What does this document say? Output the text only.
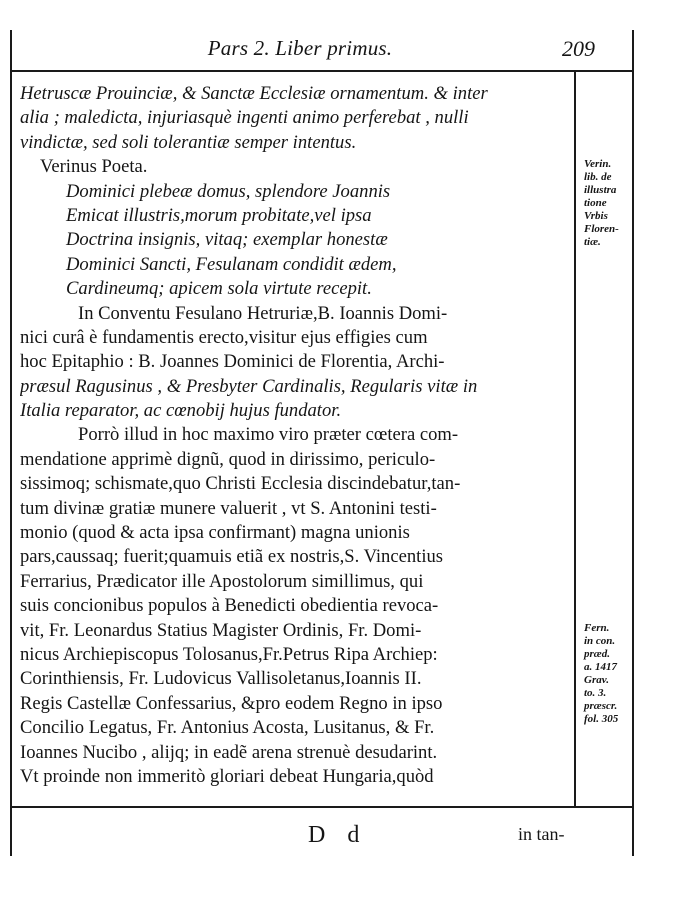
Pars 2. Liber primus.	209
Hetruscæ Prouinciæ, & Sanctæ Ecclesiæ ornamentum. & inter
alia ; maledicta, injuriasquè ingenti animo perferebat , nulli
vindictæ, sed soli tolerantiæ semper intentus.
Verinus Poeta.
Dominici plebeæ domus, splendore Joannis
Emicat illustris,morum probitate,vel ipsa
Doctrina insignis, vitaq; exemplar honestæ
Dominici Sancti, Fesulanam condidit ædem,
Cardineumq; apicem sola virtute recepit.
In Conventu Fesulano Hetruriæ,B. Ioannis Domi-
nici curâ è fundamentis erecto,visitur ejus effigies cum
hoc Epitaphio : B. Joannes Dominici de Florentia, Archi-
præsul Ragusinus , & Presbyter Cardinalis, Regularis vitæ in
Italia reparator, ac cœnobij hujus fundator.
Porrò illud in hoc maximo viro præter cœtera com-
mendatione apprimè dignũ, quod in dirissimo, periculo-
sissimoq; schismate,quo Christi Ecclesia discindebatur,tan-
tum divinæ gratiæ munere valuerit , vt S. Antonini testi-
monio (quod & acta ipsa confirmant) magna unionis
pars,caussaq; fuerit;quamuis etiã ex nostris,S. Vincentius
Ferrarius, Prædicator ille Apostolorum simillimus, qui
suis concionibus populos à Benedicti obedientia revoca-
vit, Fr. Leonardus Statius Magister Ordinis, Fr. Domi-
nicus Archiepiscopus Tolosanus,Fr.Petrus Ripa Archiep:
Corinthiensis, Fr. Ludovicus Vallisoletanus,Ioannis II.
Regis Castellæ Confessarius, &pro eodem Regno in ipso
Concilio Legatus, Fr. Antonius Acosta, Lusitanus, & Fr.
Ioannes Nucibo , alijq; in eadẽ arena strenuè desudarint.
Vt proinde non immeritò gloriari debeat Hungaria,quòd
Verin.
lib. de
illustra
tione
Vrbis
Floren-
tiæ.
Fern.
in con.
præd.
a. 1417
Grav.
to. 3.
præscr.
fol. 305
D d	in tan-
